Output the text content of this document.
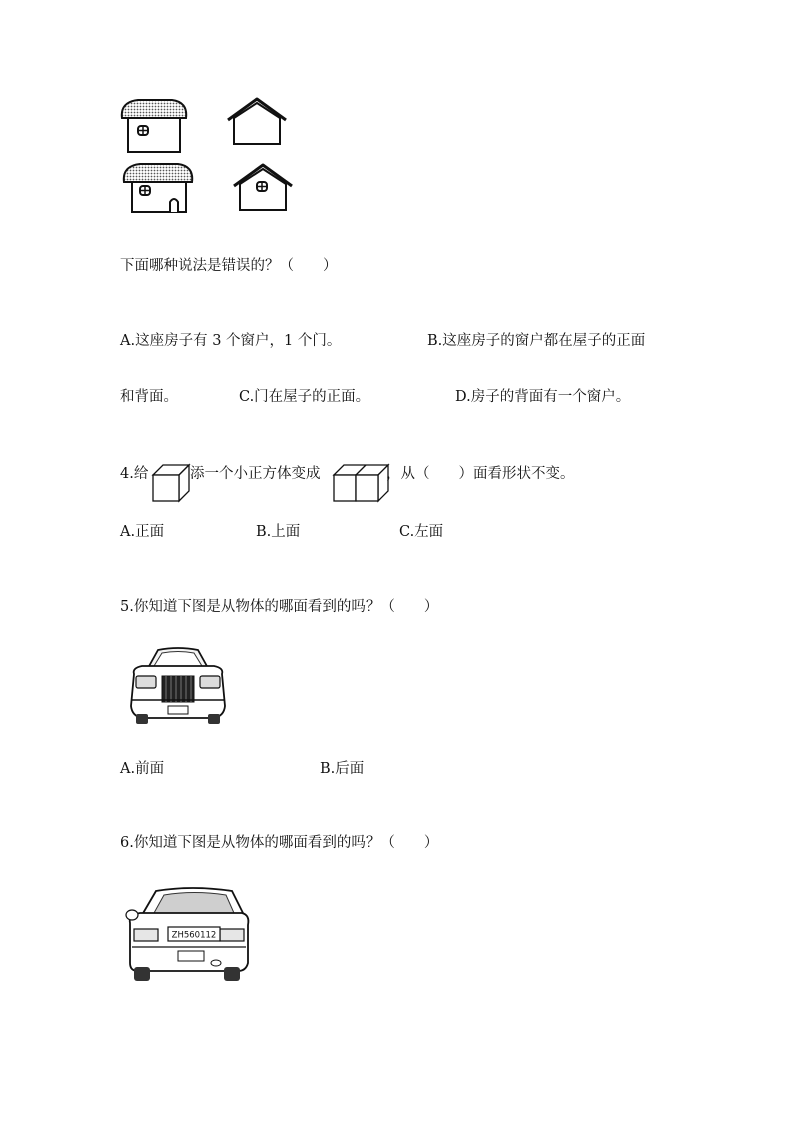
下面哪种说法是错误的？（　　）
A.这座房子有 3 个窗户，1 个门。	B.这座房子的窗户都在屋子的正面
和背面。	C.门在屋子的正面。	D.房子的背面有一个窗户。
4.给	添一个小正方体变成	，从（　　）面看形状不变。
A.正面	B.上面	C.左面
5.你知道下图是从物体的哪面看到的吗？（　　）
A.前面	B.后面
6.你知道下图是从物体的哪面看到的吗？（　　）
ZH560112
